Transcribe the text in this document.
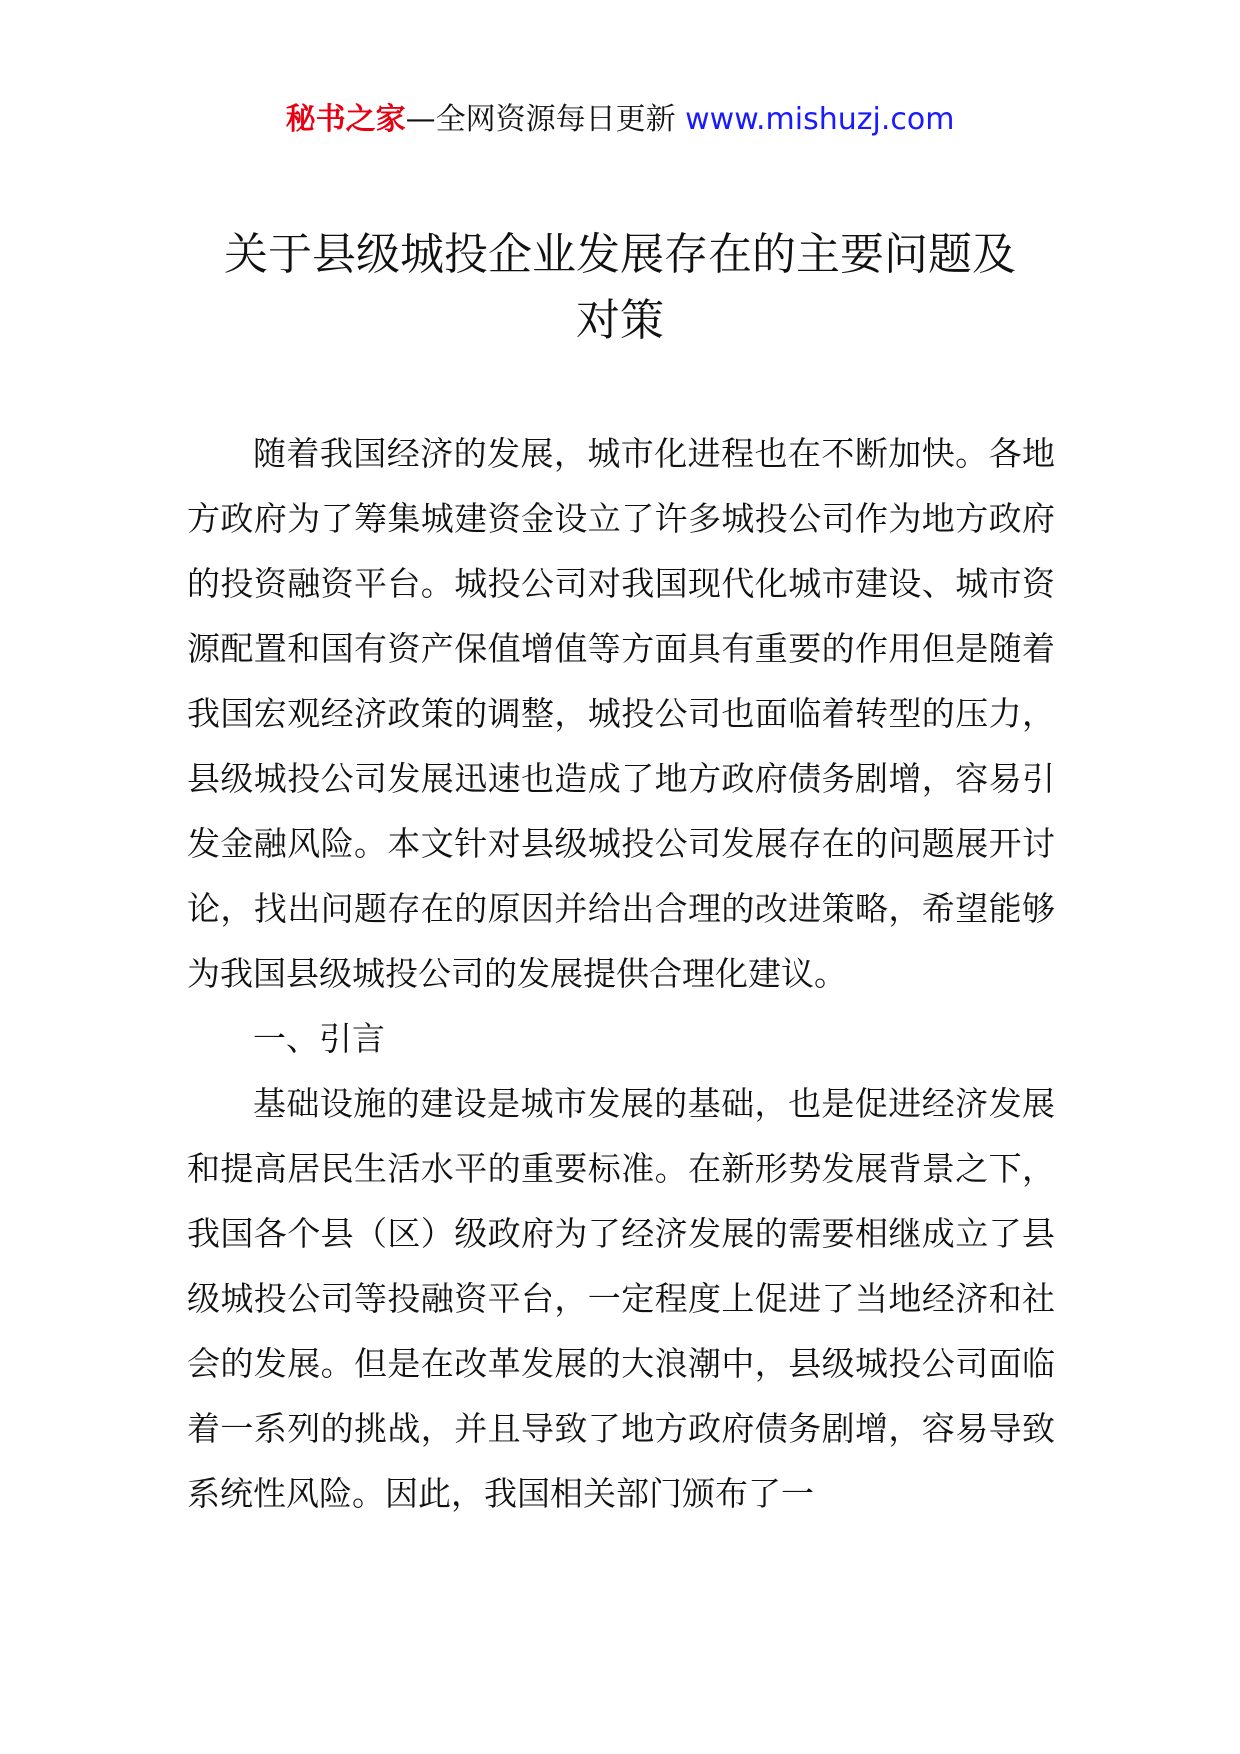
秘书之家—全网资源每日更新 www.mishuzj.com
关于县级城投企业发展存在的主要问题及
对策

随着我国经济的发展，城市化进程也在不断加快。各地方政府为了筹集城建资金设立了许多城投公司作为地方政府的投资融资平台。城投公司对我国现代化城市建设、城市资源配置和国有资产保值增值等方面具有重要的作用但是随着我国宏观经济政策的调整，城投公司也面临着转型的压力，县级城投公司发展迅速也造成了地方政府债务剧增，容易引发金融风险。本文针对县级城投公司发展存在的问题展开讨论，找出问题存在的原因并给出合理的改进策略，希望能够为我国县级城投公司的发展提供合理化建议。

一、引言

基础设施的建设是城市发展的基础，也是促进经济发展和提高居民生活水平的重要标准。在新形势发展背景之下，我国各个县（区）级政府为了经济发展的需要相继成立了县级城投公司等投融资平台，一定程度上促进了当地经济和社会的发展。但是在改革发展的大浪潮中，县级城投公司面临着一系列的挑战，并且导致了地方政府债务剧增，容易导致系统性风险。因此，我国相关部门颁布了一
